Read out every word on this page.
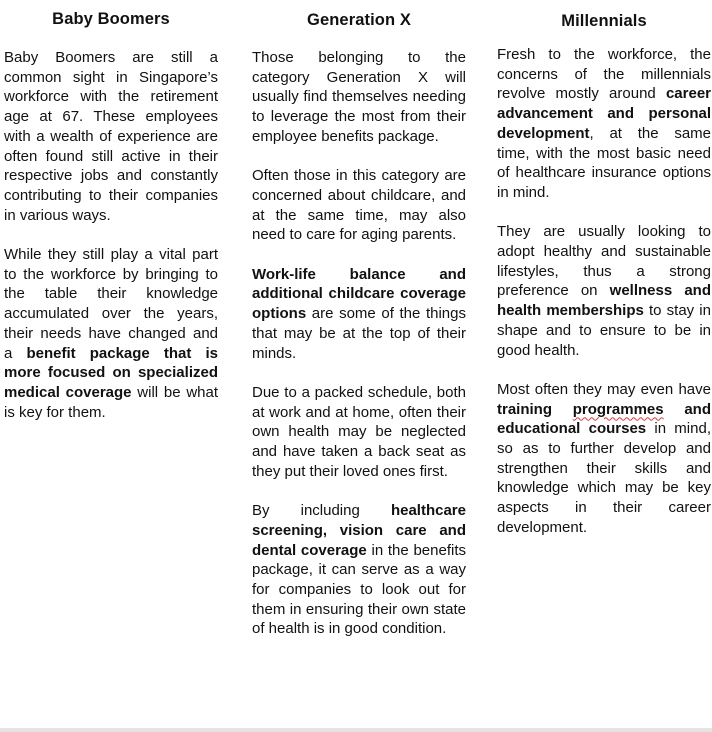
Baby Boomers

Baby Boomers are still a common sight in Singapore’s workforce with the retirement age at 67. These employees with a wealth of experience are often found still active in their respective jobs and constantly contributing to their companies in various ways.

While they still play a vital part to the workforce by bringing to the table their knowledge accumulated over the years, their needs have changed and a benefit package that is more focused on specialized medical coverage will be what is key for them.

Generation X

Those belonging to the category Generation X will usually find themselves needing to leverage the most from their employee benefits package.

Often those in this category are concerned about childcare, and at the same time, may also need to care for aging parents.

Work-life balance and additional childcare coverage options are some of the things that may be at the top of their minds.

Due to a packed schedule, both at work and at home, often their own health may be neglected and have taken a back seat as they put their loved ones first.

By including healthcare screening, vision care and dental coverage in the benefits package, it can serve as a way for companies to look out for them in ensuring their own state of health is in good condition.

Millennials

Fresh to the workforce, the concerns of the millennials revolve mostly around career advancement and personal development, at the same time, with the most basic need of healthcare insurance options in mind.

They are usually looking to adopt healthy and sustainable lifestyles, thus a strong preference on wellness and health memberships to stay in shape and to ensure to be in good health.

Most often they may even have training programmes and educational courses in mind, so as to further develop and strengthen their skills and knowledge which may be key aspects in their career development.
